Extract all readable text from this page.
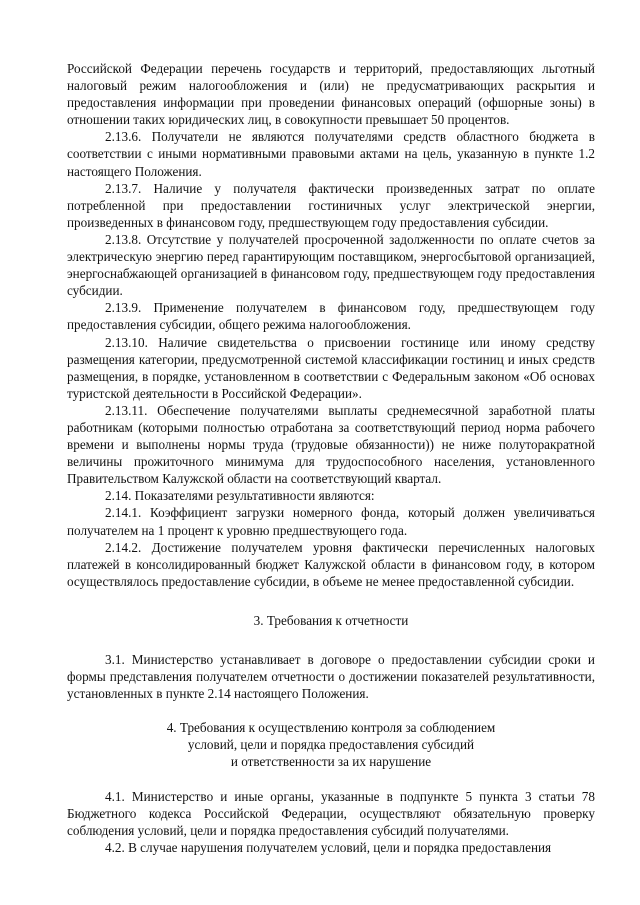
Российской Федерации перечень государств и территорий, предоставляющих льготный налоговый режим налогообложения и (или) не предусматривающих раскрытия и предоставления информации при проведении финансовых операций (офшорные зоны) в отношении таких юридических лиц, в совокупности превышает 50 процентов.

2.13.6. Получатели не являются получателями средств областного бюджета в соответствии с иными нормативными правовыми актами на цель, указанную в пункте 1.2 настоящего Положения.

2.13.7. Наличие у получателя фактически произведенных затрат по оплате потребленной при предоставлении гостиничных услуг электрической энергии, произведенных в финансовом году, предшествующем году предоставления субсидии.

2.13.8. Отсутствие у получателей просроченной задолженности по оплате счетов за электрическую энергию перед гарантирующим поставщиком, энергосбытовой организацией, энергоснабжающей организацией в финансовом году, предшествующем году предоставления субсидии.

2.13.9. Применение получателем в финансовом году, предшествующем году предоставления субсидии, общего режима налогообложения.

2.13.10. Наличие свидетельства о присвоении гостинице или иному средству размещения категории, предусмотренной системой классификации гостиниц и иных средств размещения, в порядке, установленном в соответствии с Федеральным законом «Об основах туристской деятельности в Российской Федерации».

2.13.11. Обеспечение получателями выплаты среднемесячной заработной платы работникам (которыми полностью отработана за соответствующий период норма рабочего времени и выполнены нормы труда (трудовые обязанности)) не ниже полуторакратной величины прожиточного минимума для трудоспособного населения, установленного Правительством Калужской области на соответствующий квартал.

2.14. Показателями результативности являются:

2.14.1. Коэффициент загрузки номерного фонда, который должен увеличиваться получателем на 1 процент к уровню предшествующего года.

2.14.2. Достижение получателем уровня фактически перечисленных налоговых платежей в консолидированный бюджет Калужской области в финансовом году, в котором осуществлялось предоставление субсидии, в объеме не менее предоставленной субсидии.

3. Требования к отчетности

3.1. Министерство устанавливает в договоре о предоставлении субсидии сроки и формы представления получателем отчетности о достижении показателей результативности, установленных в пункте 2.14 настоящего Положения.

4. Требования к осуществлению контроля за соблюдением

условий, цели и порядка предоставления субсидий

и ответственности за их нарушение

4.1. Министерство и иные органы, указанные в подпункте 5 пункта 3 статьи 78 Бюджетного кодекса Российской Федерации, осуществляют обязательную проверку соблюдения условий, цели и порядка предоставления субсидий получателями.

4.2. В случае нарушения получателем условий, цели и порядка предоставления
